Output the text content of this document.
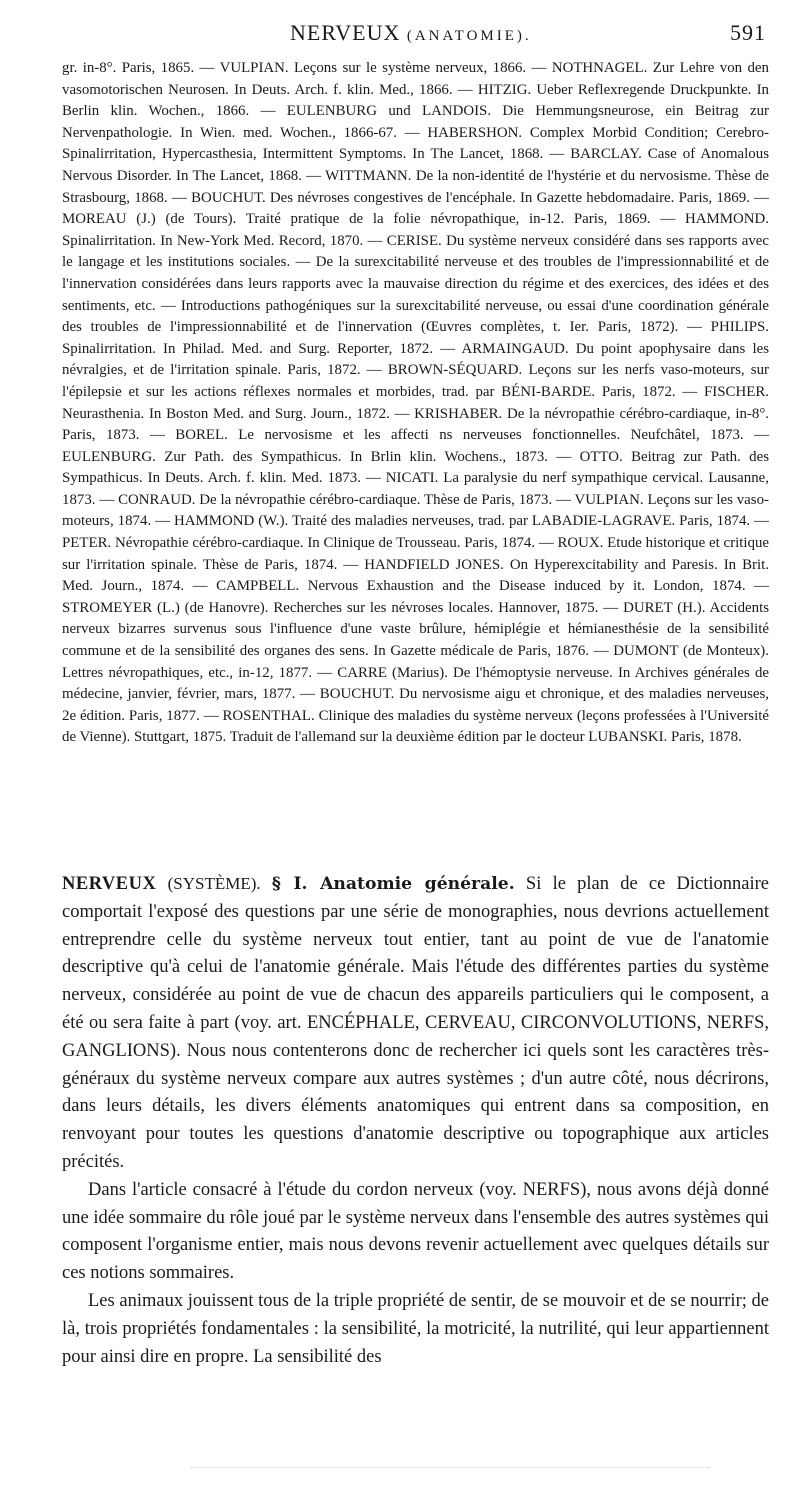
NERVEUX (ANATOMIE).	591

gr. in-8°. Paris, 1865. — VULPIAN. Leçons sur le système nerveux, 1866. — NOTHNAGEL. Zur Lehre von den vasomotorischen Neurosen. In Deuts. Arch. f. klin. Med., 1866. — HITZIG. Ueber Reflexregende Druckpunkte. In Berlin klin. Wochen., 1866. — EULENBURG und LANDOIS. Die Hemmungsneurose, ein Beitrag zur Nervenpathologie. In Wien. med. Wochen., 1866-67. — HABERSHON. Complex Morbid Condition; Cerebro-Spinalirritation, Hypercasthesia, Intermittent Symptoms. In The Lancet, 1868. — BARCLAY. Case of Anomalous Nervous Disorder. In The Lancet, 1868. — WITTMANN. De la non-identité de l'hystérie et du nervosisme. Thèse de Strasbourg, 1868. — BOUCHUT. Des névroses congestives de l'encéphale. In Gazette hebdomadaire. Paris, 1869. — MOREAU (J.) (de Tours). Traité pratique de la folie névropathique, in-12. Paris, 1869. — HAMMOND. Spinalirritation. In New-York Med. Record, 1870. — CERISE. Du système nerveux considéré dans ses rapports avec le langage et les institutions sociales. — De la surexcitabilité nerveuse et des troubles de l'impressionnabilité et de l'innervation considérées dans leurs rapports avec la mauvaise direction du régime et des exercices, des idées et des sentiments, etc. — Introductions pathogéniques sur la surexcitabilité nerveuse, ou essai d'une coordination générale des troubles de l'impressionnabilité et de l'innervation (Œuvres complètes, t. Ier. Paris, 1872). — PHILIPS. Spinalirritation. In Philad. Med. and Surg. Reporter, 1872. — ARMAINGAUD. Du point apophysaire dans les névralgies, et de l'irritation spinale. Paris, 1872. — BROWN-SÉQUARD. Leçons sur les nerfs vaso-moteurs, sur l'épilepsie et sur les actions réflexes normales et morbides, trad. par BÉNI-BARDE. Paris, 1872. — FISCHER. Neurasthenia. In Boston Med. and Surg. Journ., 1872. — KRISHABER. De la névropathie cérébro-cardiaque, in-8°. Paris, 1873. — BOREL. Le nervosisme et les affecti ns nerveuses fonctionnelles. Neufchâtel, 1873. — EULENBURG. Zur Path. des Sympathicus. In Brlin klin. Wochens., 1873. — OTTO. Beitrag zur Path. des Sympathicus. In Deuts. Arch. f. klin. Med. 1873. — NICATI. La paralysie du nerf sympathique cervical. Lausanne, 1873. — CONRAUD. De la névropathie cérébro-cardiaque. Thèse de Paris, 1873. — VULPIAN. Leçons sur les vaso-moteurs, 1874. — HAMMOND (W.). Traité des maladies nerveuses, trad. par LABADIE-LAGRAVE. Paris, 1874. — PETER. Névropathie cérébro-cardiaque. In Clinique de Trousseau. Paris, 1874. — ROUX. Etude historique et critique sur l'irritation spinale. Thèse de Paris, 1874. — HANDFIELD JONES. On Hyperexcitability and Paresis. In Brit. Med. Journ., 1874. — CAMPBELL. Nervous Exhaustion and the Disease induced by it. London, 1874. — STROMEYER (L.) (de Hanovre). Recherches sur les névroses locales. Hannover, 1875. — DURET (H.). Accidents nerveux bizarres survenus sous l'influence d'une vaste brûlure, hémiplégie et hémianesthésie de la sensibilité commune et de la sensibilité des organes des sens. In Gazette médicale de Paris, 1876. — DUMONT (de Monteux). Lettres névropathiques, etc., in-12, 1877. — CARRE (Marius). De l'hémoptysie nerveuse. In Archives générales de médecine, janvier, février, mars, 1877. — BOUCHUT. Du nervosisme aigu et chronique, et des maladies nerveuses, 2e édition. Paris, 1877. — ROSENTHAL. Clinique des maladies du système nerveux (leçons professées à l'Université de Vienne). Stuttgart, 1875. Traduit de l'allemand sur la deuxième édition par le docteur LUBANSKI. Paris, 1878.

NERVEUX (SYSTÈME). § I. Anatomie générale. Si le plan de ce Dictionnaire comportait l'exposé des questions par une série de monographies, nous devrions actuellement entreprendre celle du système nerveux tout entier, tant au point de vue de l'anatomie descriptive qu'à celui de l'anatomie générale. Mais l'étude des différentes parties du système nerveux, considérée au point de vue de chacun des appareils particuliers qui le composent, a été ou sera faite à part (voy. art. ENCÉPHALE, CERVEAU, CIRCONVOLUTIONS, NERFS, GANGLIONS). Nous nous contenterons donc de rechercher ici quels sont les caractères très-généraux du système nerveux compare aux autres systèmes ; d'un autre côté, nous décrirons, dans leurs détails, les divers éléments anatomiques qui entrent dans sa composition, en renvoyant pour toutes les questions d'anatomie descriptive ou topographique aux articles précités.

Dans l'article consacré à l'étude du cordon nerveux (voy. NERFS), nous avons déjà donné une idée sommaire du rôle joué par le système nerveux dans l'ensemble des autres systèmes qui composent l'organisme entier, mais nous devons revenir actuellement avec quelques détails sur ces notions sommaires.

Les animaux jouissent tous de la triple propriété de sentir, de se mouvoir et de se nourrir; de là, trois propriétés fondamentales : la sensibilité, la motricité, la nutrilité, qui leur appartiennent pour ainsi dire en propre. La sensibilité des
